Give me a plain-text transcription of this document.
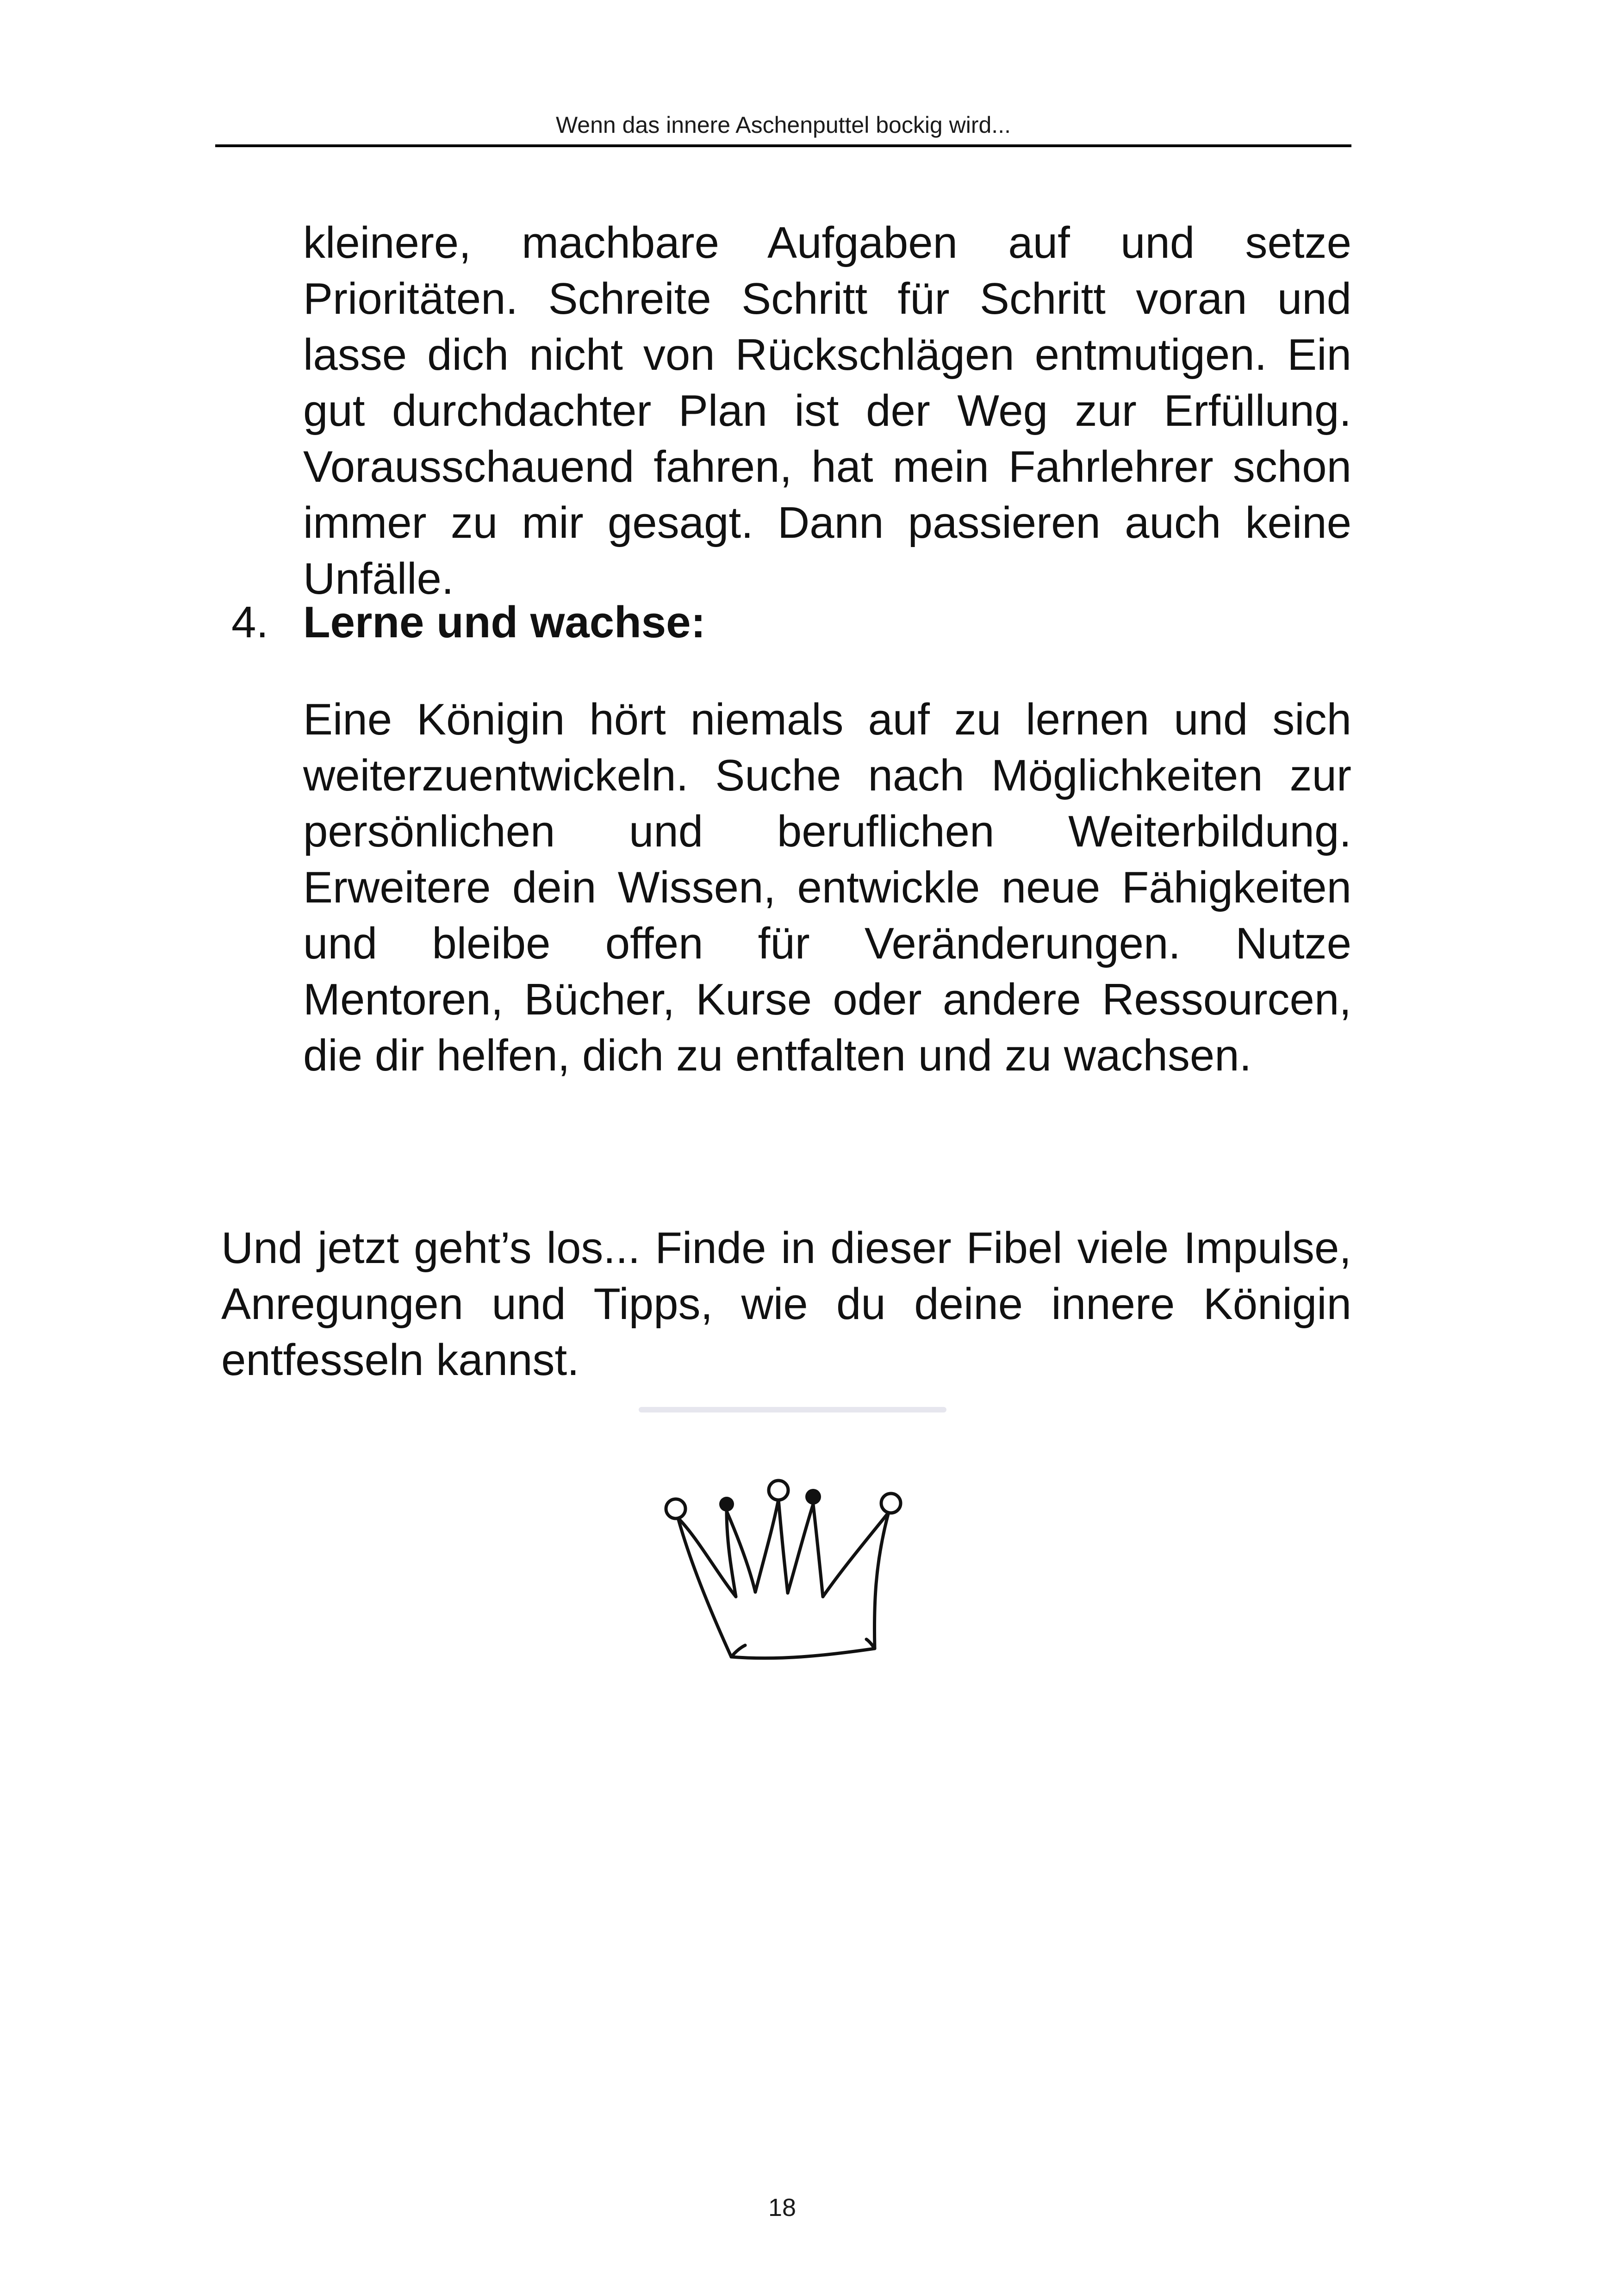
Wenn das innere Aschenputtel bockig wird...

kleinere, machbare Aufgaben auf und setze Prioritäten. Schreite Schritt für Schritt voran und lasse dich nicht von Rückschlägen entmutigen. Ein gut durchdachter Plan ist der Weg zur Erfüllung. Vorausschauend fahren, hat mein Fahrlehrer schon immer zu mir gesagt. Dann passieren auch keine Unfälle.

4. Lerne und wachse:

Eine Königin hört niemals auf zu lernen und sich weiterzuentwickeln. Suche nach Möglichkeiten zur persönlichen und beruflichen Weiterbildung. Erweitere dein Wissen, entwickle neue Fähigkeiten und bleibe offen für Veränderungen. Nutze Mentoren, Bücher, Kurse oder andere Ressourcen, die dir helfen, dich zu entfalten und zu wachsen.

Und jetzt geht’s los... Finde in dieser Fibel viele Impulse, Anregungen und Tipps, wie du deine innere Königin entfesseln kannst.

18
